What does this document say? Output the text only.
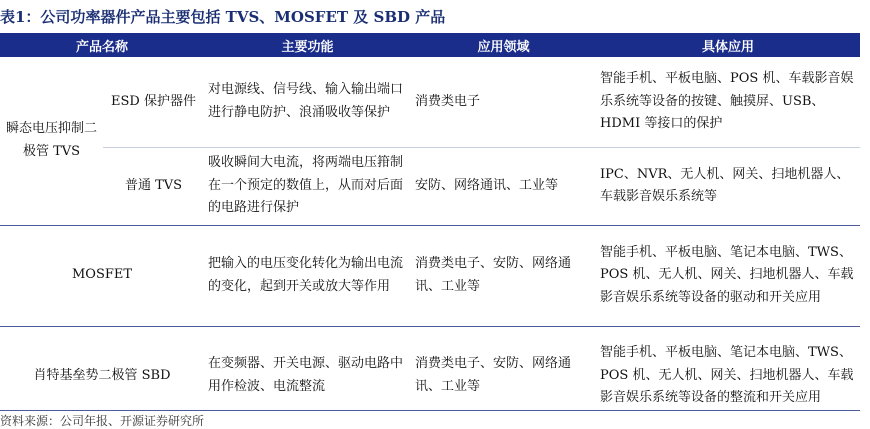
表1：公司功率器件产品主要包括 TVS、MOSFET 及 SBD 产品
产品名称		主要功能	应用领域	具体应用
瞬态电压抑制二极管 TVS	ESD 保护器件	对电源线、信号线、输入输出端口进行静电防护、浪涌吸收等保护	消费类电子	智能手机、平板电脑、POS 机、车载影音娱乐系统等设备的按键、触摸屏、USB、HDMI 等接口的保护
	普通 TVS	吸收瞬间大电流，将两端电压箝制在一个预定的数值上，从而对后面的电路进行保护	安防、网络通讯、工业等	IPC、NVR、无人机、网关、扫地机器人、车载影音娱乐系统等
MOSFET		把输入的电压变化转化为输出电流的变化，起到开关或放大等作用	消费类电子、安防、网络通讯、工业等	智能手机、平板电脑、笔记本电脑、TWS、POS 机、无人机、网关、扫地机器人、车载影音娱乐系统等设备的驱动和开关应用
肖特基垒势二极管 SBD		在变频器、开关电源、驱动电路中用作检波、电流整流	消费类电子、安防、网络通讯、工业等	智能手机、平板电脑、笔记本电脑、TWS、POS 机、无人机、网关、扫地机器人、车载影音娱乐系统等设备的整流和开关应用
资料来源：公司年报、开源证券研究所
